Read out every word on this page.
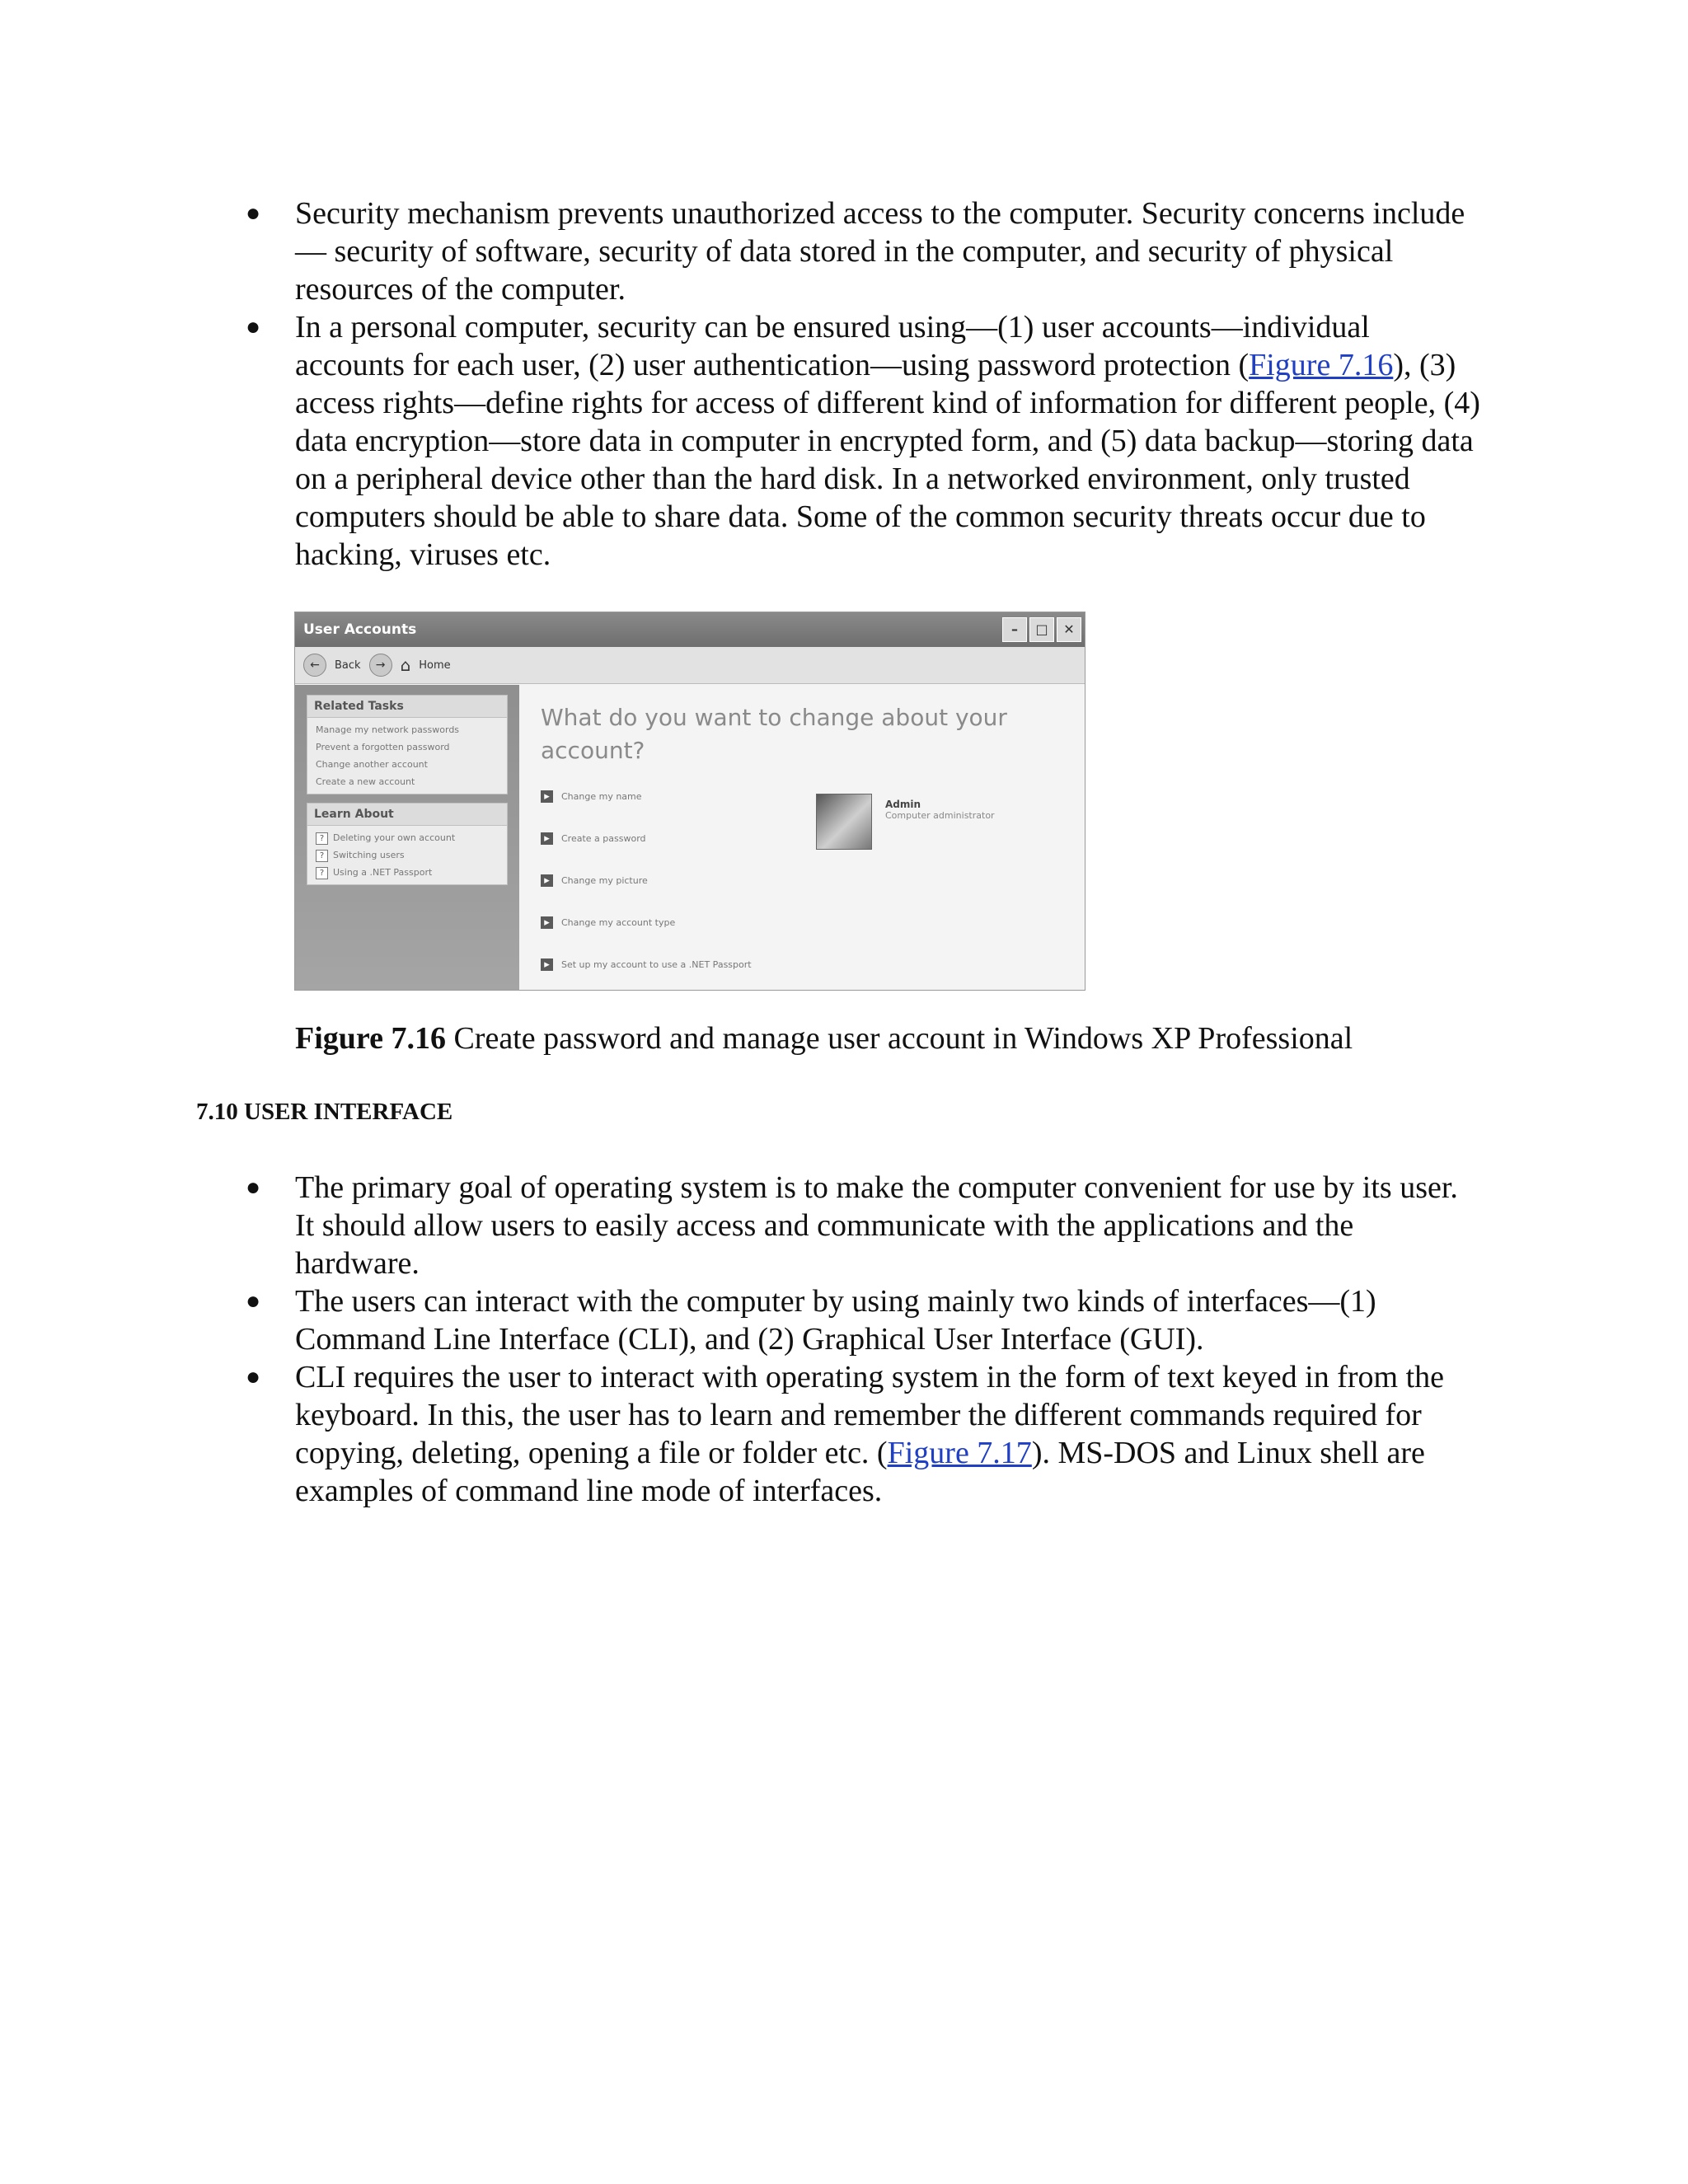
● Security mechanism prevents unauthorized access to the computer. Security concerns include— security of software, security of data stored in the computer, and security of physical resources of the computer.
● In a personal computer, security can be ensured using—(1) user accounts—individual accounts for each user, (2) user authentication—using password protection (Figure 7.16), (3) access rights—define rights for access of different kind of information for different people, (4) data encryption—store data in computer in encrypted form, and (5) data backup—storing data on a peripheral device other than the hard disk. In a networked environment, only trusted computers should be able to share data. Some of the common security threats occur due to hacking, viruses etc.
User Accounts	–	□	✕
←	Back	→ ⌂ Home
Related Tasks
Manage my network passwords
Prevent a forgotten password
Change another account
Create a new account
Learn About
? Deleting your own account
? Switching users
? Using a .NET Passport
What do you want to change about your account?
▸	Change my name
▸	Create a password
▸	Change my picture
▸	Change my account type
▸	Set up my account to use a .NET Passport
Admin
Computer administrator
Figure 7.16 Create password and manage user account in Windows XP Professional
7.10 USER INTERFACE
● The primary goal of operating system is to make the computer convenient for use by its user. It should allow users to easily access and communicate with the applications and the hardware.
● The users can interact with the computer by using mainly two kinds of interfaces—(1) Command Line Interface (CLI), and (2) Graphical User Interface (GUI).
● CLI requires the user to interact with operating system in the form of text keyed in from the keyboard. In this, the user has to learn and remember the different commands required for copying, deleting, opening a file or folder etc. (Figure 7.17). MS-DOS and Linux shell are examples of command line mode of interfaces.
